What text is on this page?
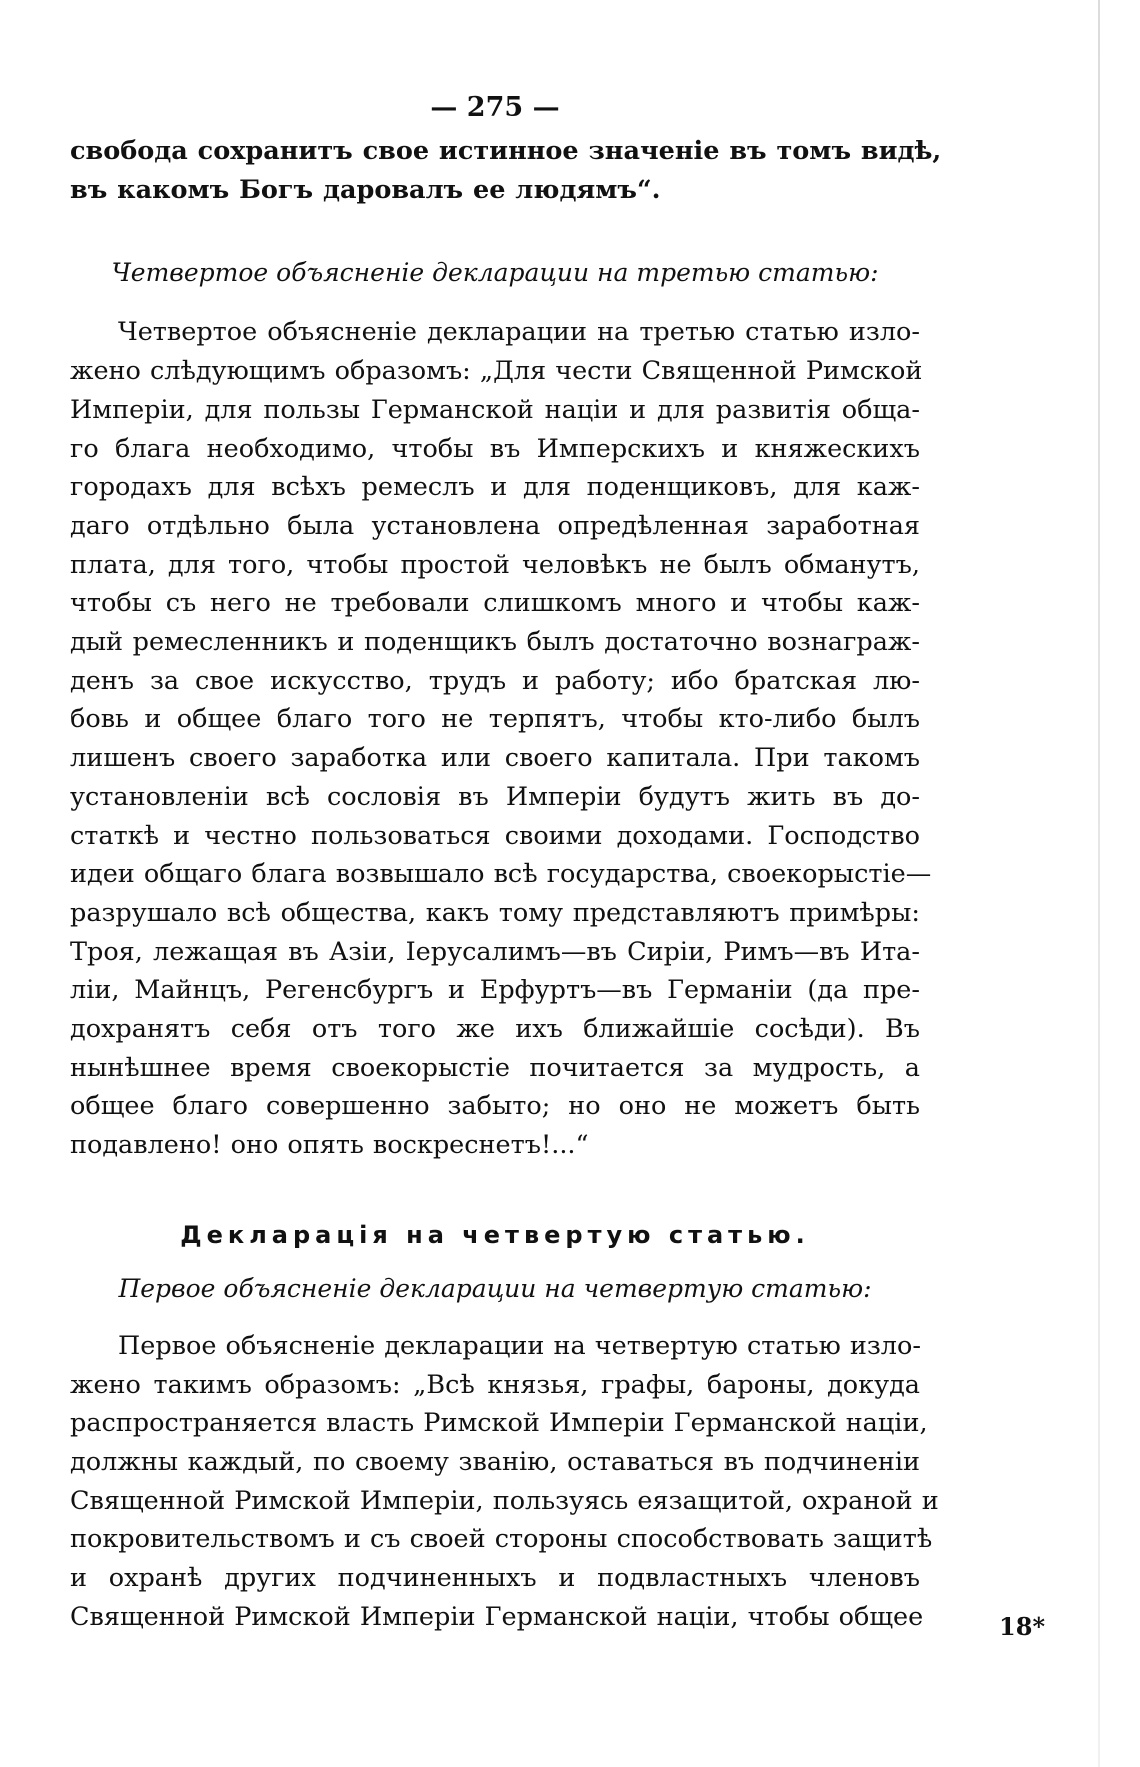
— 275 —
свобода сохранитъ свое истинное значеніе въ томъ видѣ,
въ какомъ Богъ даровалъ ее людямъ“.
Четвертое объясненіе декларации на третью статью:
Четвертое объясненіе декларации на третью статью изло-
жено слѣдующимъ образомъ: „Для чести Священной Римской
Имперіи, для пользы Германской націи и для развитія обща-
го блага необходимо, чтобы въ Имперскихъ и княжескихъ
городахъ для всѣхъ ремеслъ и для поденщиковъ, для каж-
даго отдѣльно была установлена опредѣленная заработная
плата, для того, чтобы простой человѣкъ не былъ обманутъ,
чтобы съ него не требовали слишкомъ много и чтобы каж-
дый ремесленникъ и поденщикъ былъ достаточно вознаграж-
денъ за свое искусство, трудъ и работу; ибо братская лю-
бовь и общее благо того не терпятъ, чтобы кто-либо былъ
лишенъ своего заработка или своего капитала. При такомъ
установленіи всѣ сословія въ Имперіи будутъ жить въ до-
статкѣ и честно пользоваться своими доходами. Господство
идеи общаго блага возвышало всѣ государства, своекорыстіе—
разрушало всѣ общества, какъ тому представляютъ примѣры:
Троя, лежащая въ Азіи, Іерусалимъ—въ Сиріи, Римъ—въ Ита-
ліи, Майнцъ, Регенсбургъ и Ерфуртъ—въ Германіи (да пре-
дохранятъ себя отъ того же ихъ ближайшіе сосѣди). Въ
нынѣшнее время своекорыстіе почитается за мудрость, а
общее благо совершенно забыто; но оно не можетъ быть
подавлено! оно опять воскреснетъ!...“
Декларація на четвертую статью.
Первое объясненіе декларации на четвертую статью:
Первое объясненіе декларации на четвертую статью изло-
жено такимъ образомъ: „Всѣ князья, графы, бароны, докуда
распространяется власть Римской Имперіи Германской націи,
должны каждый, по своему званію, оставаться въ подчиненіи
Священной Римской Имперіи, пользуясь еязащитой, охраной и
покровительствомъ и съ своей стороны способствовать защитѣ
и охранѣ других подчиненныхъ и подвластныхъ членовъ
Священной Римской Имперіи Германской націи, чтобы общее	18*
